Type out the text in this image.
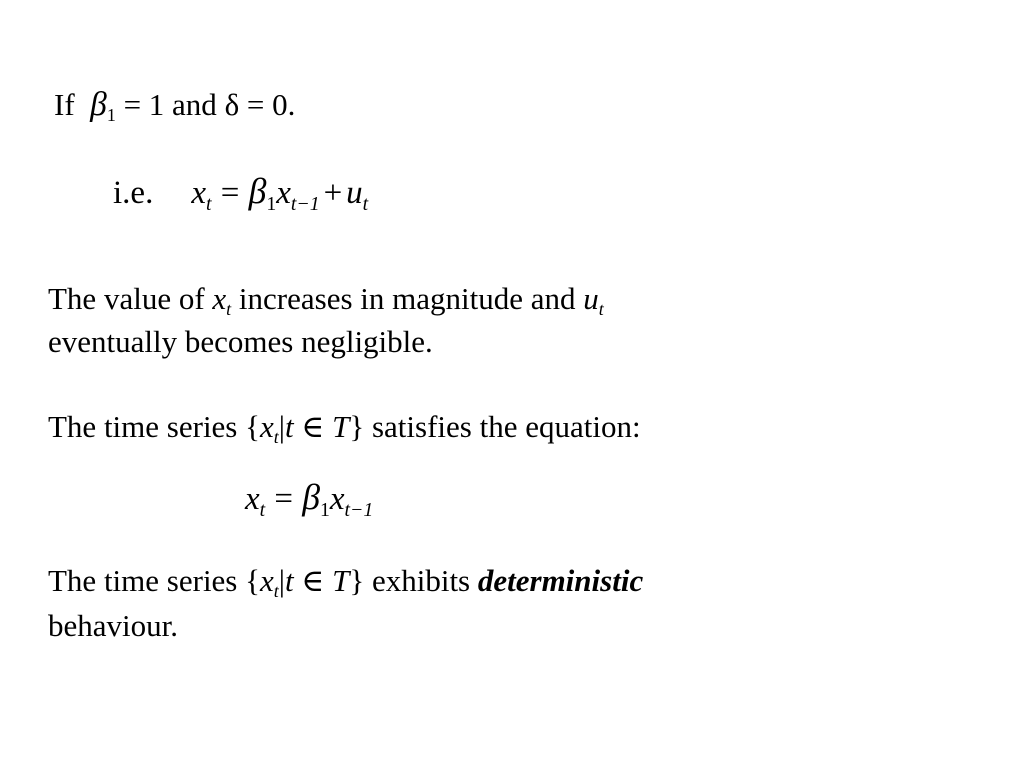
If $\beta_1 = 1$ and δ = 0.
i.e. $x_t = \beta_1x_{t-1} + u_t$
The value of $x_t$ increases in magnitude and $u_t$
eventually becomes negligible.
The time series {$x_t|t$ ∈ T} satisfies the equation:
$x_t = \beta_1x_{t-1}$
The time series {$x_t|t$ ∈ T} exhibits deterministic
behaviour.
